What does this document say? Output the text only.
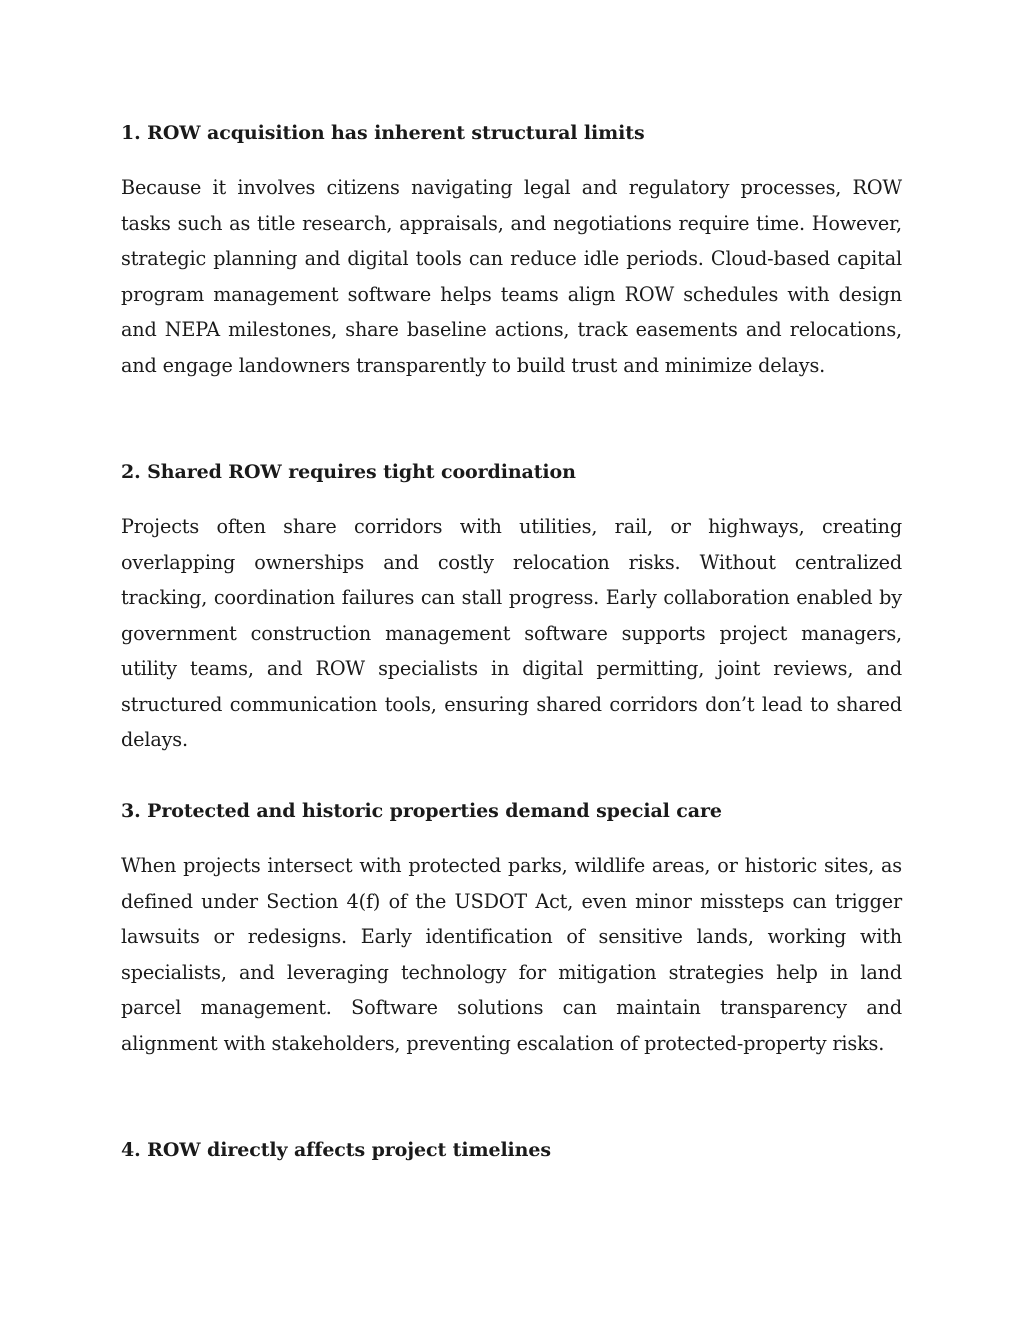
1. ROW acquisition has inherent structural limits

Because it involves citizens navigating legal and regulatory processes, ROW tasks such as title research, appraisals, and negotiations require time. However, strategic planning and digital tools can reduce idle periods. Cloud-based capital program management software helps teams align ROW schedules with design and NEPA milestones, share baseline actions, track easements and relocations, and engage landowners transparently to build trust and minimize delays.

2. Shared ROW requires tight coordination

Projects often share corridors with utilities, rail, or highways, creating overlapping ownerships and costly relocation risks. Without centralized tracking, coordination failures can stall progress. Early collaboration enabled by government construction management software supports project managers, utility teams, and ROW specialists in digital permitting, joint reviews, and structured communication tools, ensuring shared corridors don’t lead to shared delays.

3. Protected and historic properties demand special care

When projects intersect with protected parks, wildlife areas, or historic sites, as defined under Section 4(f) of the USDOT Act, even minor missteps can trigger lawsuits or redesigns. Early identification of sensitive lands, working with specialists, and leveraging technology for mitigation strategies help in land parcel management. Software solutions can maintain transparency and alignment with stakeholders, preventing escalation of protected-property risks.

4. ROW directly affects project timelines
